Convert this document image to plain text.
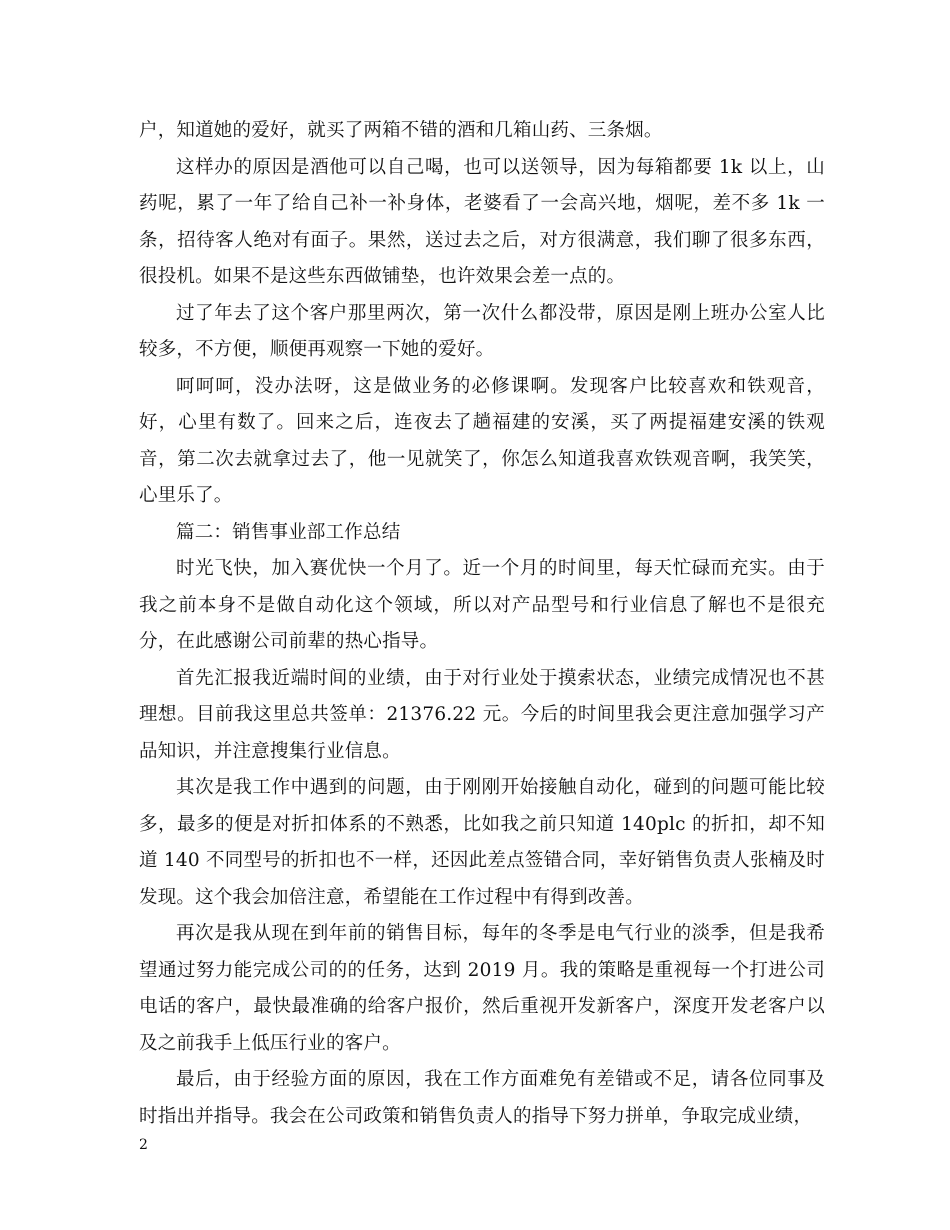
户，知道她的爱好，就买了两箱不错的酒和几箱山药、三条烟。

这样办的原因是酒他可以自己喝，也可以送领导，因为每箱都要 1k 以上，山药呢，累了一年了给自己补一补身体，老婆看了一会高兴地，烟呢，差不多 1k 一条，招待客人绝对有面子。果然，送过去之后，对方很满意，我们聊了很多东西，很投机。如果不是这些东西做铺垫，也许效果会差一点的。

过了年去了这个客户那里两次，第一次什么都没带，原因是刚上班办公室人比较多，不方便，顺便再观察一下她的爱好。

呵呵呵，没办法呀，这是做业务的必修课啊。发现客户比较喜欢和铁观音，好，心里有数了。回来之后，连夜去了趟福建的安溪，买了两提福建安溪的铁观音，第二次去就拿过去了，他一见就笑了，你怎么知道我喜欢铁观音啊，我笑笑，心里乐了。

篇二：销售事业部工作总结

时光飞快，加入赛优快一个月了。近一个月的时间里，每天忙碌而充实。由于我之前本身不是做自动化这个领域，所以对产品型号和行业信息了解也不是很充分，在此感谢公司前辈的热心指导。

首先汇报我近端时间的业绩，由于对行业处于摸索状态，业绩完成情况也不甚理想。目前我这里总共签单：21376.22 元。今后的时间里我会更注意加强学习产品知识，并注意搜集行业信息。

其次是我工作中遇到的问题，由于刚刚开始接触自动化，碰到的问题可能比较多，最多的便是对折扣体系的不熟悉，比如我之前只知道 140plc 的折扣，却不知道 140 不同型号的折扣也不一样，还因此差点签错合同，幸好销售负责人张楠及时发现。这个我会加倍注意，希望能在工作过程中有得到改善。

再次是我从现在到年前的销售目标，每年的冬季是电气行业的淡季，但是我希望通过努力能完成公司的的任务，达到 2019 月。我的策略是重视每一个打进公司电话的客户，最快最准确的给客户报价，然后重视开发新客户，深度开发老客户以及之前我手上低压行业的客户。

最后，由于经验方面的原因，我在工作方面难免有差错或不足，请各位同事及时指出并指导。我会在公司政策和销售负责人的指导下努力拼单，争取完成业绩，

2
